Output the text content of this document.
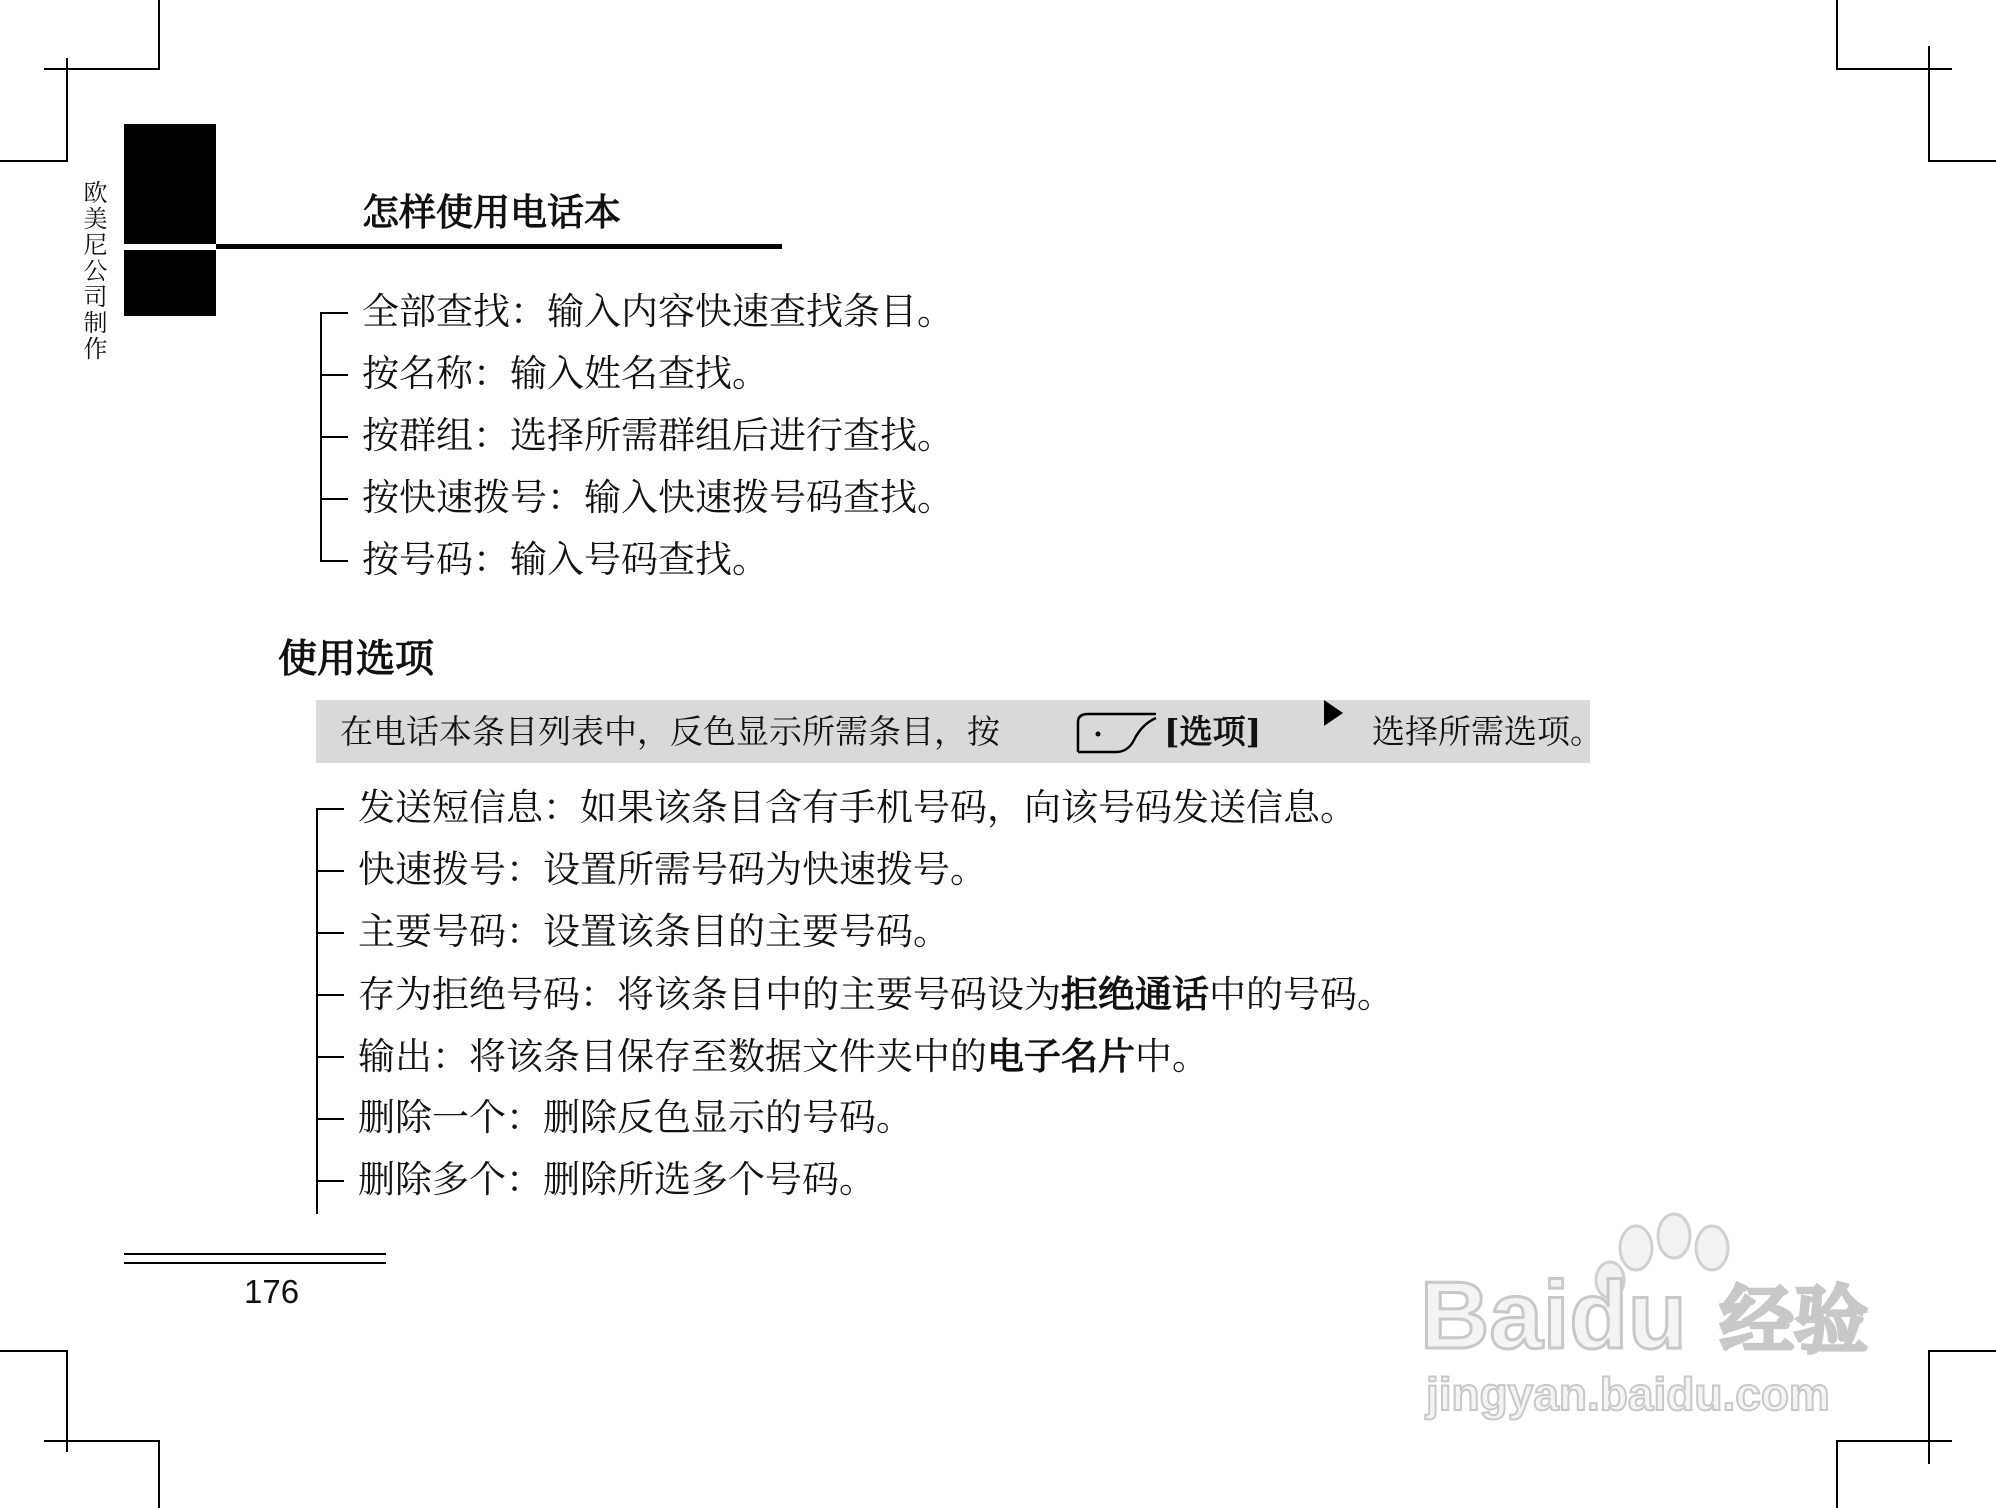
欧美尼公司制作	怎样使用电话本
全部查找：输入内容快速查找条目。
按名称：输入姓名查找。
按群组：选择所需群组后进行查找。
按快速拨号：输入快速拨号码查找。
按号码：输入号码查找。
使用选项
在电话本条目列表中，反色显示所需条目，按	[选项]	选择所需选项。
发送短信息：如果该条目含有手机号码，向该号码发送信息。
快速拨号：设置所需号码为快速拨号。
主要号码：设置该条目的主要号码。
存为拒绝号码：将该条目中的主要号码设为拒绝通话中的号码。
输出：将该条目保存至数据文件夹中的电子名片中。
删除一个：删除反色显示的号码。
删除多个：删除所选多个号码。
176	Baidu 经验
jingyan.baidu.com
